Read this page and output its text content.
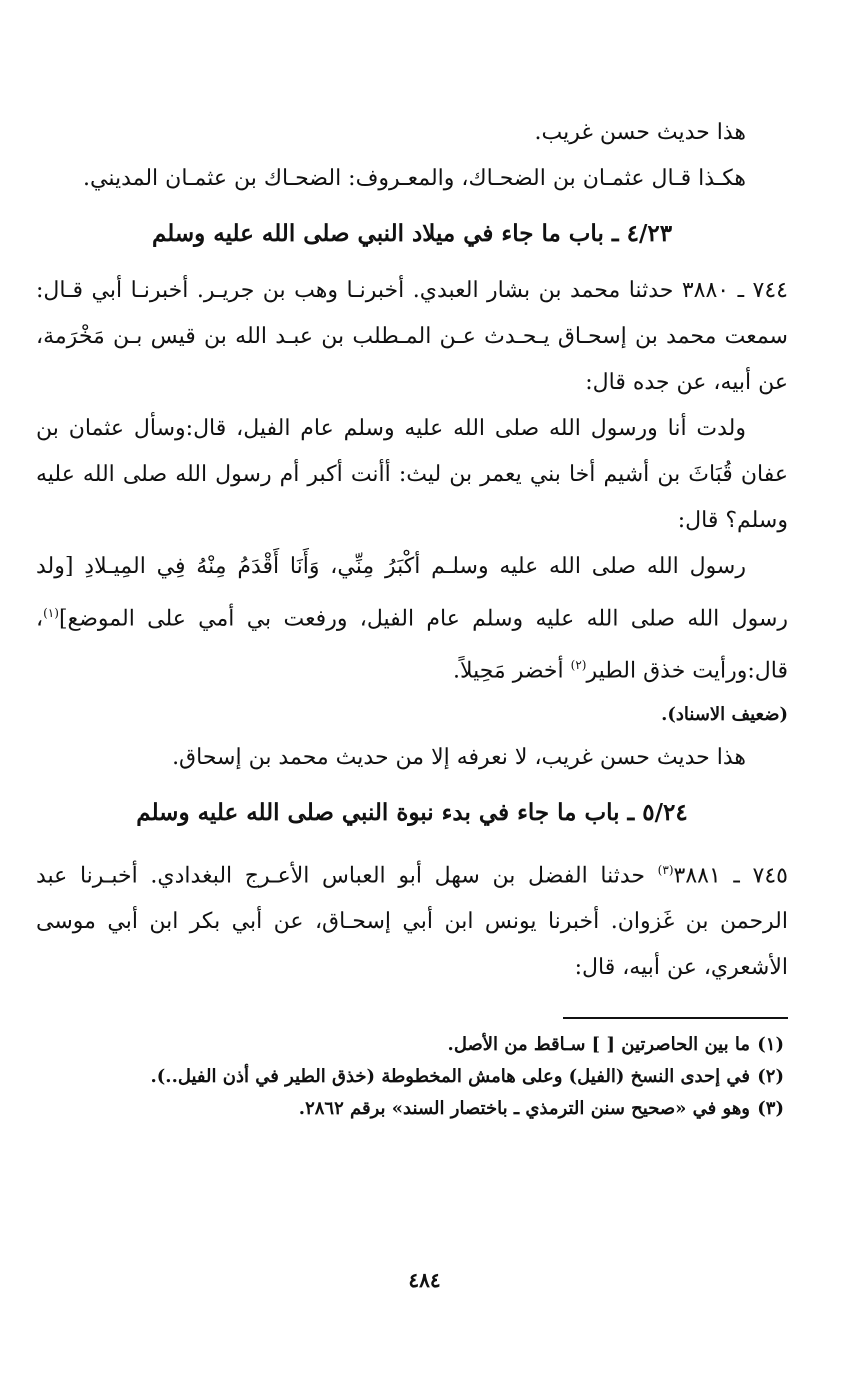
هذا حديث حسن غريب.

هكـذا قـال عثمـان بن الضحـاك، والمعـروف: الضحـاك بن عثمـان المديني.

٤/٢٣ ـ باب ما جاء في ميلاد النبي صلى الله عليه وسلم

٧٤٤ ـ ٣٨٨٠ حدثنا محمد بن بشار العبدي. أخبرنـا وهب بن جريـر. أخبرنـا أبي قـال: سمعت محمد بن إسحـاق يـحـدث عـن المـطلب بن عبـد الله بن قيس بـن مَخْرَمة، عن أبيه، عن جده قال:

ولدت أنا ورسول الله صلى الله عليه وسلم عام الفيل، قال:وسأل عثمان بن عفان قُبَاثَ بن أشيم أخا بني يعمر بن ليث: أأنت أكبر أم رسول الله صلى الله عليه وسلم؟ قال:

رسول الله صلى الله عليه وسلـم أكْبَرُ مِنِّي، وَأَنَا أَقْدَمُ مِنْهُ فِي المِيـلادِ [ولد رسول الله صلى الله عليه وسلم عام الفيل، ورفعت بي أمي على الموضع]$^{(١)}$، قال:ورأيت خذق الطير$^{(٢)}$ أخضر مَحِيلاً.

(ضعيف الاسناد).

هذا حديث حسن غريب، لا نعرفه إلا من حديث محمد بن إسحاق.

٥/٢٤ ـ باب ما جاء في بدء نبوة النبي صلى الله عليه وسلم

٧٤٥ ـ ٣٨٨١$^{(٣)}$ حدثنا الفضل بن سهل أبو العباس الأعـرج البغدادي. أخبـرنا عبد الرحمن بن غَزوان. أخبرنا يونس ابن أبي إسحـاق، عن أبي بكر ابن أبي موسى الأشعري، عن أبيه، قال:

(١)ما بين الحاصرتين [ ] سـاقط من الأصل.

(٢)في إحدى النسخ (الفيل) وعلى هامش المخطوطة (خذق الطير في أذن الفيل..).

(٣)وهو في «صحيح سنن الترمذي ـ باختصار السند» برقم ٢٨٦٢.

٤٨٤
